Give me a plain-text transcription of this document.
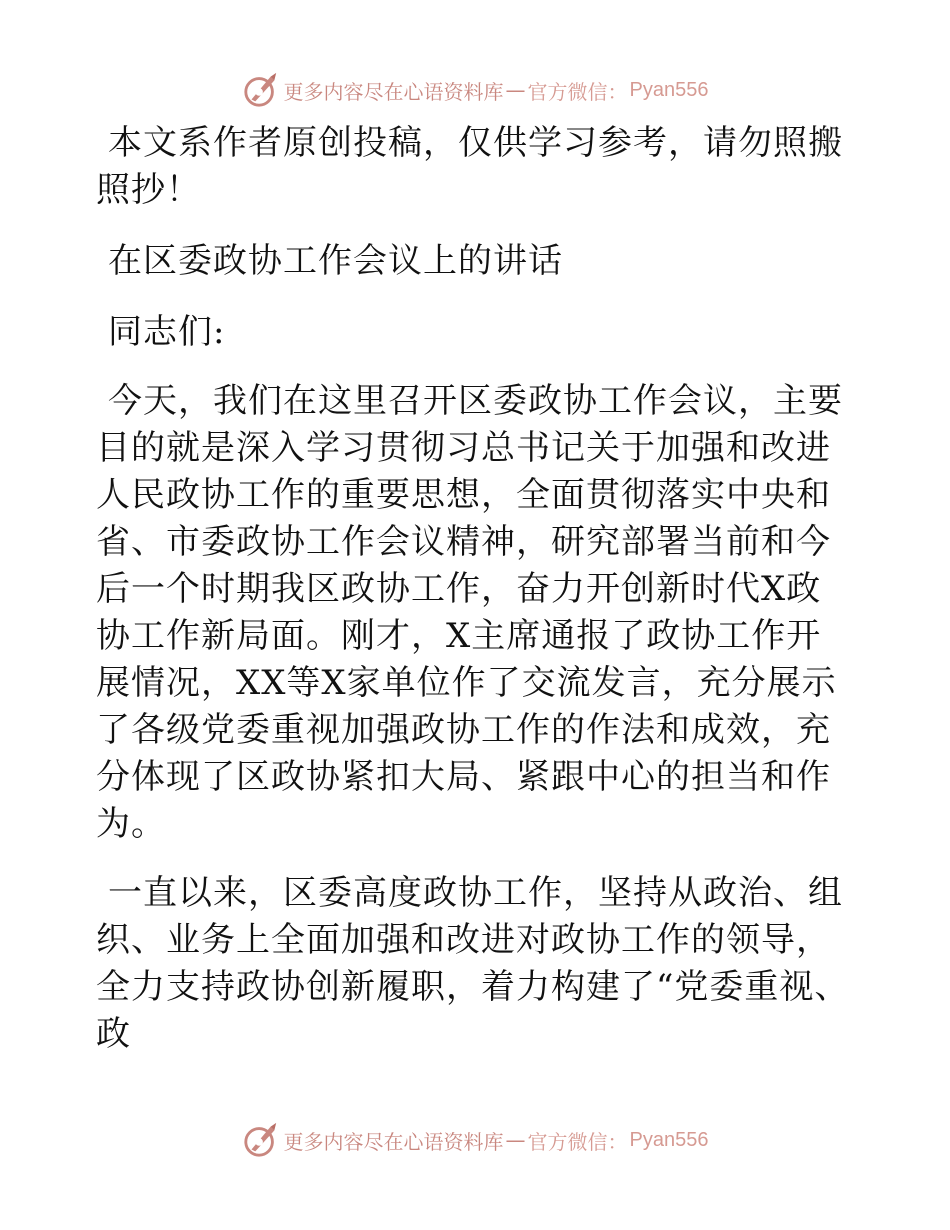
更多内容尽在心语资料库 — 官方微信： Pyan556

本文系作者原创投稿，仅供学习参考，请勿照搬照抄！

在区委政协工作会议上的讲话

同志们:

今天，我们在这里召开区委政协工作会议，主要目的就是深入学习贯彻习总书记关于加强和改进人民政协工作的重要思想，全面贯彻落实中央和省、市委政协工作会议精神，研究部署当前和今后一个时期我区政协工作，奋力开创新时代X政协工作新局面。刚才，X主席通报了政协工作开展情况，XX等X家单位作了交流发言，充分展示了各级党委重视加强政协工作的作法和成效，充分体现了区政协紧扣大局、紧跟中心的担当和作为。

一直以来，区委高度政协工作，坚持从政治、组织、业务上全面加强和改进对政协工作的领导，全力支持政协创新履职，着力构建了“党委重视、政

更多内容尽在心语资料库 — 官方微信： Pyan556
